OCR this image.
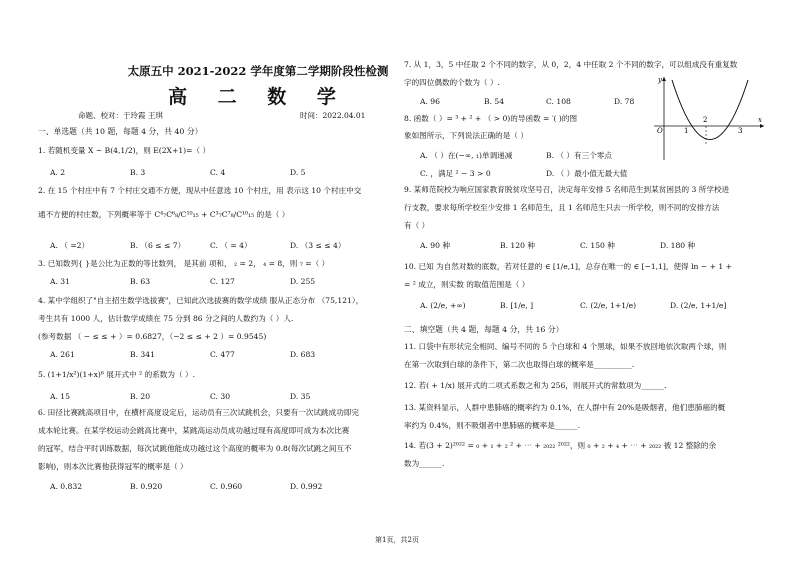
太原五中 2021-2022 学年度第二学期阶段性检测
高 二 数 学
命题、校对：于玲霞 王琪	时间：2022.04.01
一、单选题（共 10 题，每题 4 分，共 40 分）
1. 若随机变量 X ~ B(4,1/2)，则 E(2X+1)=（ ）
A. 2	B. 3	C. 4	D. 5
2. 在 15 个村庄中有 7 个村庄交通不方便，现从中任意选 10 个村庄，用 表示这 10 个村庄中交
通不方便的村庄数，下列概率等于 C⁴₇C⁶₈/C¹⁰₁₅ + C³₇C⁷₈/C¹⁰₁₅ 的是（ ）
A. （ =2）	B. （6 ≤ ≤ 7）	C. （ = 4）	D. （3 ≤ ≤ 4）
3. 已知数列{ }是公比为正数的等比数列， 是其前 项和， ₂ = 2， ₄ = 8，则 ₇ =（ ）
A. 31	B. 63	C. 127	D. 255
4. 某中学组织了"自主招生数学选拔赛"，已知此次选拔赛的数学成绩 服从正态分布 （75,121），
考生共有 1000 人，估计数学成绩在 75 分到 86 分之间的人数约为（ ）人.
(参考数据 （ − ≤ ≤ + ）= 0.6827，（−2 ≤ ≤ + 2 ）= 0.9545)
A. 261	B. 341	C. 477	D. 683
5. (1+1/x²)(1+x)⁶ 展开式中 ² 的系数为（ ）.
A. 15	B. 20	C. 30	D. 35
6. 田径比赛跳高项目中，在横杆高度设定后，运动员有三次试跳机会，只要有一次试跳成功即完
成本轮比赛。在某学校运动会跳高比赛中，某跳高运动员成功越过现有高度即可成为本次比赛
的冠军，结合平时训练数据，每次试跳他能成功越过这个高度的概率为 0.8(每次试跳之间互不
影响)，则本次比赛他获得冠军的概率是（ ）
A. 0.832	B. 0.920	C. 0.960	D. 0.992
7. 从 1，3，5 中任取 2 个不同的数字，从 0，2，4 中任取 2 个不同的数字，可以组成没有重复数
字的四位偶数的个数为（ ）.
A. 96	B. 54	C. 108	D. 78
8. 函数（ ）= ³ + ² + （ > 0)的导函数 = ′( )的图
象如图所示，下列说法正确的是（ ）
A. （ ）在(−∞, ₁)单调递减	B. （ ）有三个零点
C. ，满足 ² − 3 > 0	D. （ ）最小值无最大值
9. 某师范院校为响应国家教育脱贫攻坚号召，决定每年安排 5 名师范生到某贫困县的 3 所学校进
行支教，要求每所学校至少安排 1 名师范生，且 1 名师范生只去一所学校，则不同的安排方法
有（ ）
A. 90 种	B. 120 种	C. 150 种	D. 180 种
10. 已知 为自然对数的底数，若对任意的 ∈ [1/e,1]，总存在唯一的 ∈ [−1,1]，使得 ln − + 1 +
= ² 成立，则实数 的取值范围是（ ）
A. (2/e, +∞)	B. [1/e, ]	C. (2/e, 1+1/e)	D. (2/e, 1+1/e]
二、填空题（共 4 题，每题 4 分，共 16 分）
11. 口袋中有形状完全相同、编号不同的 5 个白球和 4 个黑球，如果不放回地依次取两个球，则
在第一次取到白球的条件下，第二次也取得白球的概率是__________.
12. 若( + 1/x) 展开式的二项式系数之和为 256，则展开式的常数项为______.
13. 某资料显示，人群中患肺癌的概率约为 0.1%，在人群中有 20%是吸烟者，他们患肺癌的概
率约为 0.4%，则不吸烟者中患肺癌的概率是______.
14. 若(3 + 2)²⁰²² = ₀ + ₁ + ₂ ² + ⋯ + ₂₀₂₂ ²⁰²²，则 ₀ + ₂ + ₄ + ⋯ + ₂₀₂₂ 被 12 整除的余
数为______.
y
O	1
2
3
x
第1页，共2页
